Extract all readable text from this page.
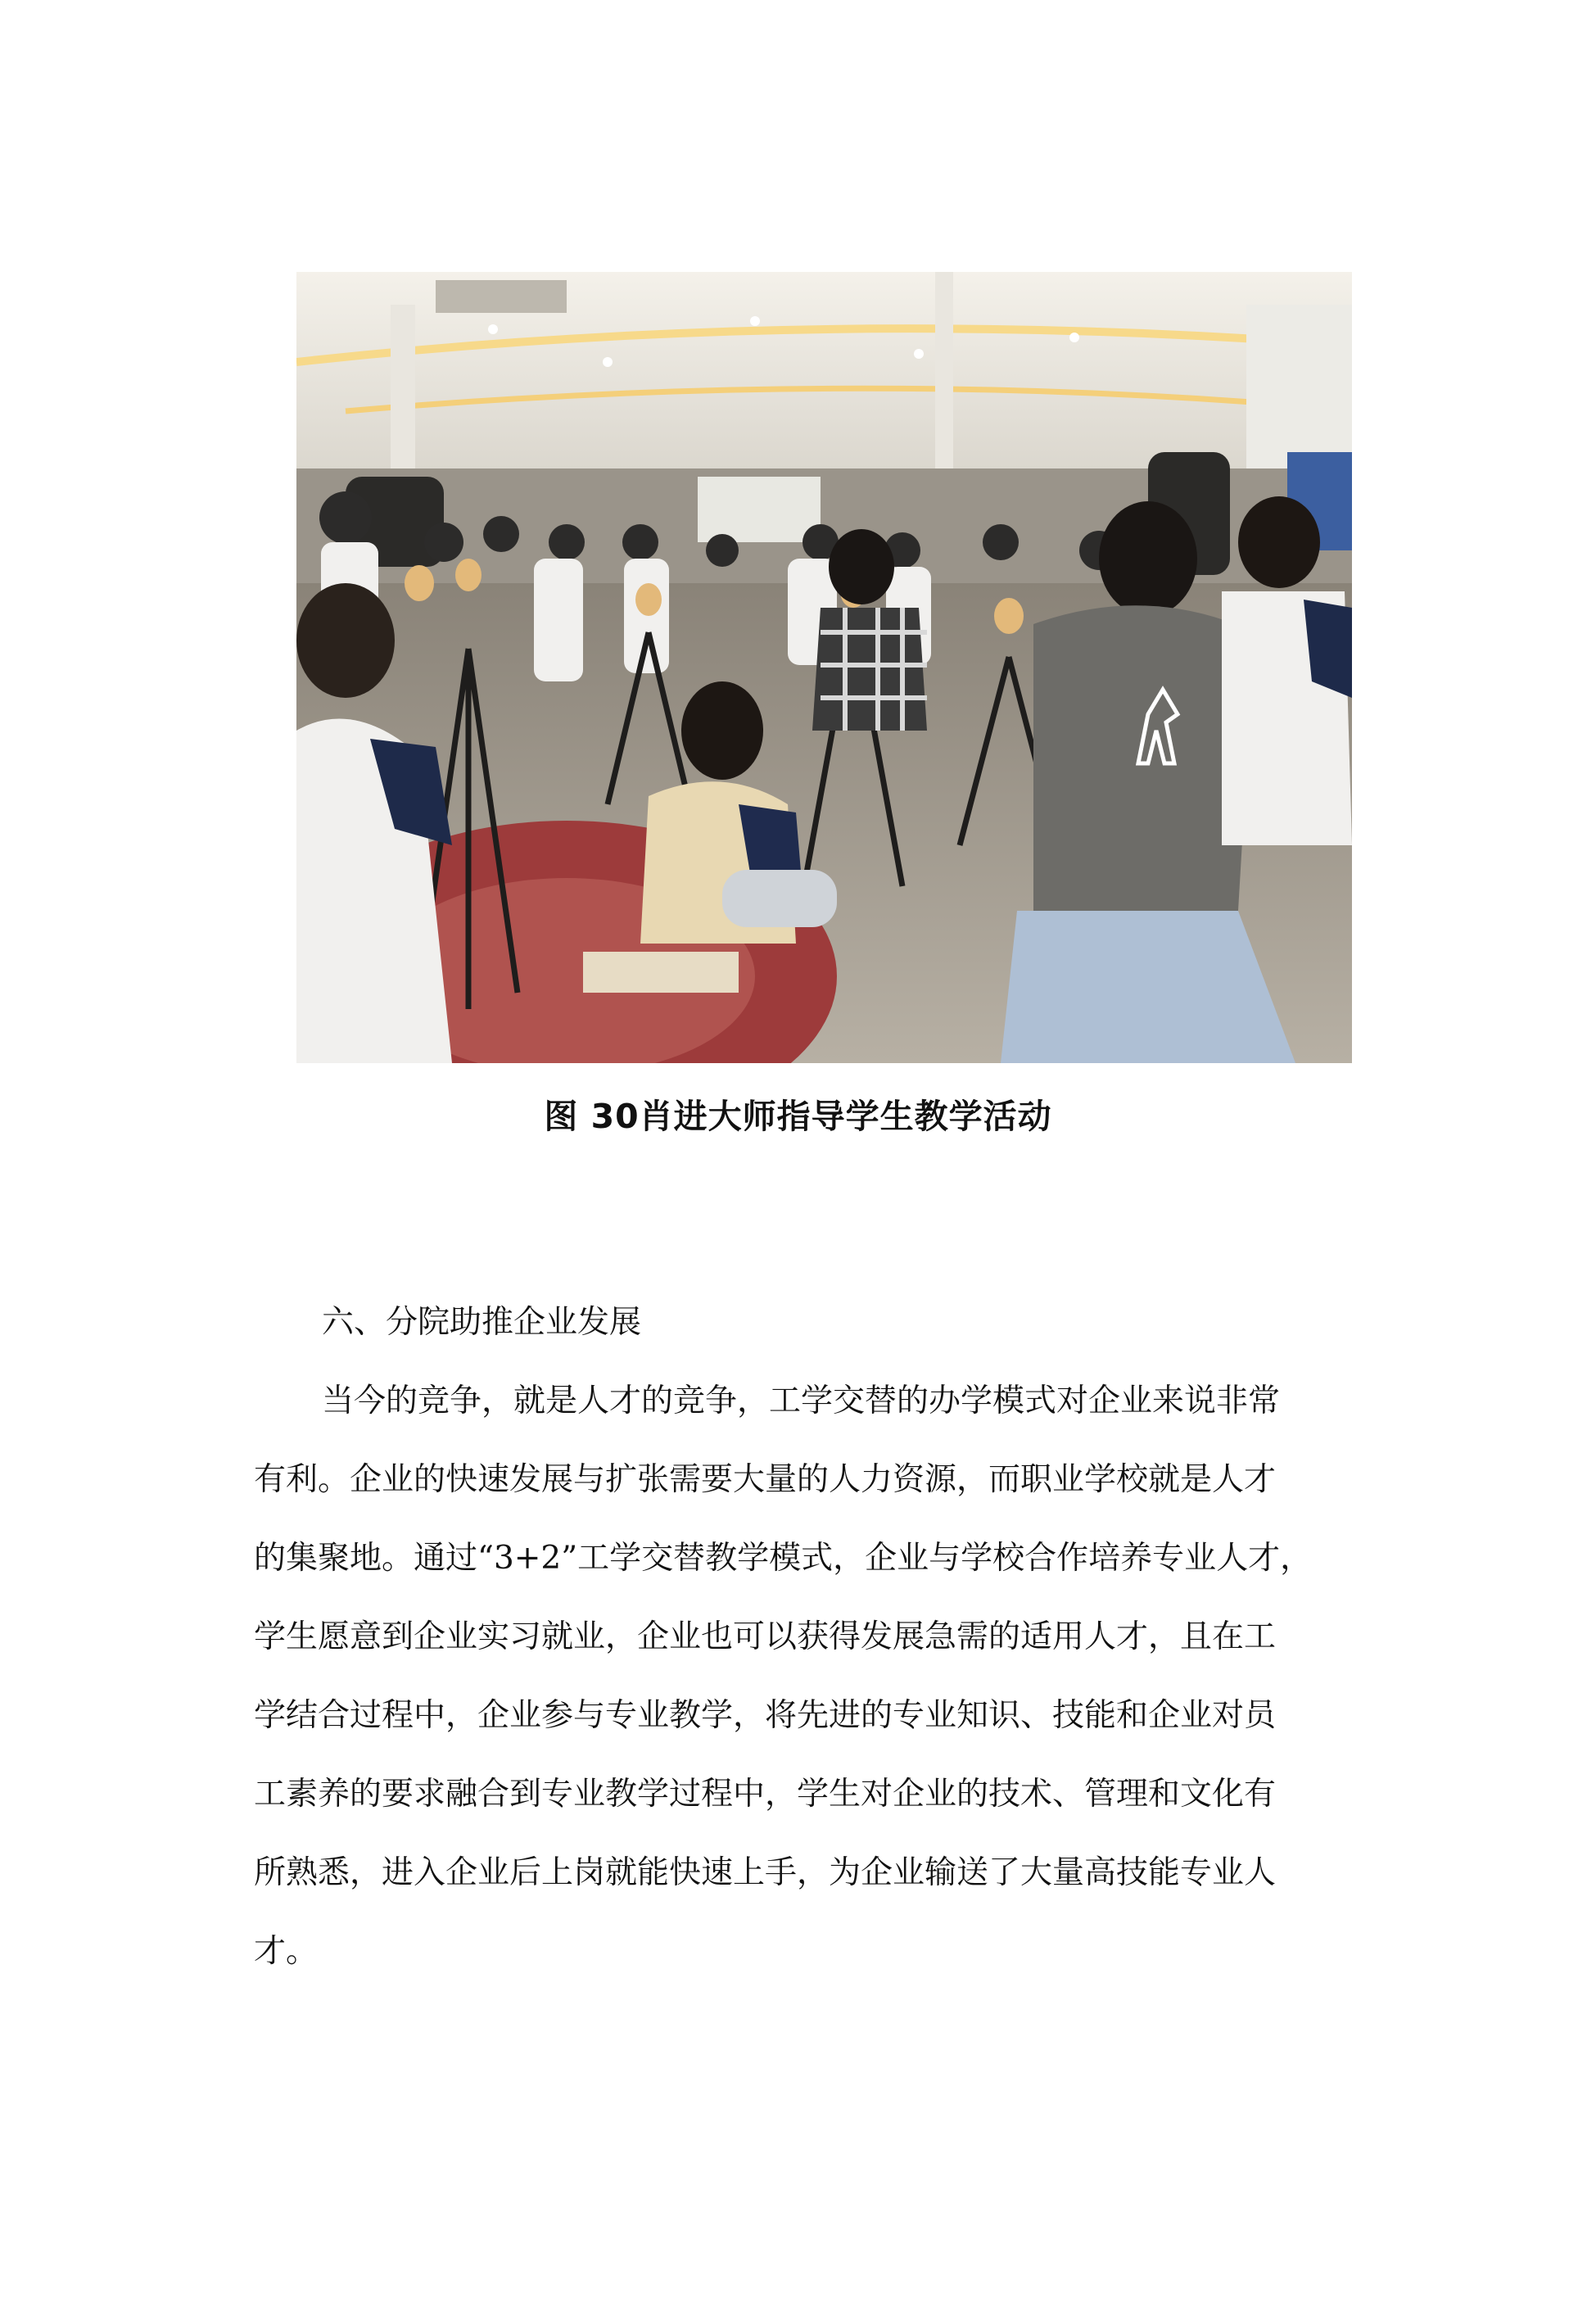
图 30肖进大师指导学生教学活动
六、分院助推企业发展
当今的竞争，就是人才的竞争，工学交替的办学模式对企业来说非常
有利。企业的快速发展与扩张需要大量的人力资源，而职业学校就是人才
的集聚地。通过“3+2”工学交替教学模式，企业与学校合作培养专业人才，
学生愿意到企业实习就业，企业也可以获得发展急需的适用人才，且在工
学结合过程中，企业参与专业教学，将先进的专业知识、技能和企业对员
工素养的要求融合到专业教学过程中，学生对企业的技术、管理和文化有
所熟悉，进入企业后上岗就能快速上手，为企业输送了大量高技能专业人
才。
